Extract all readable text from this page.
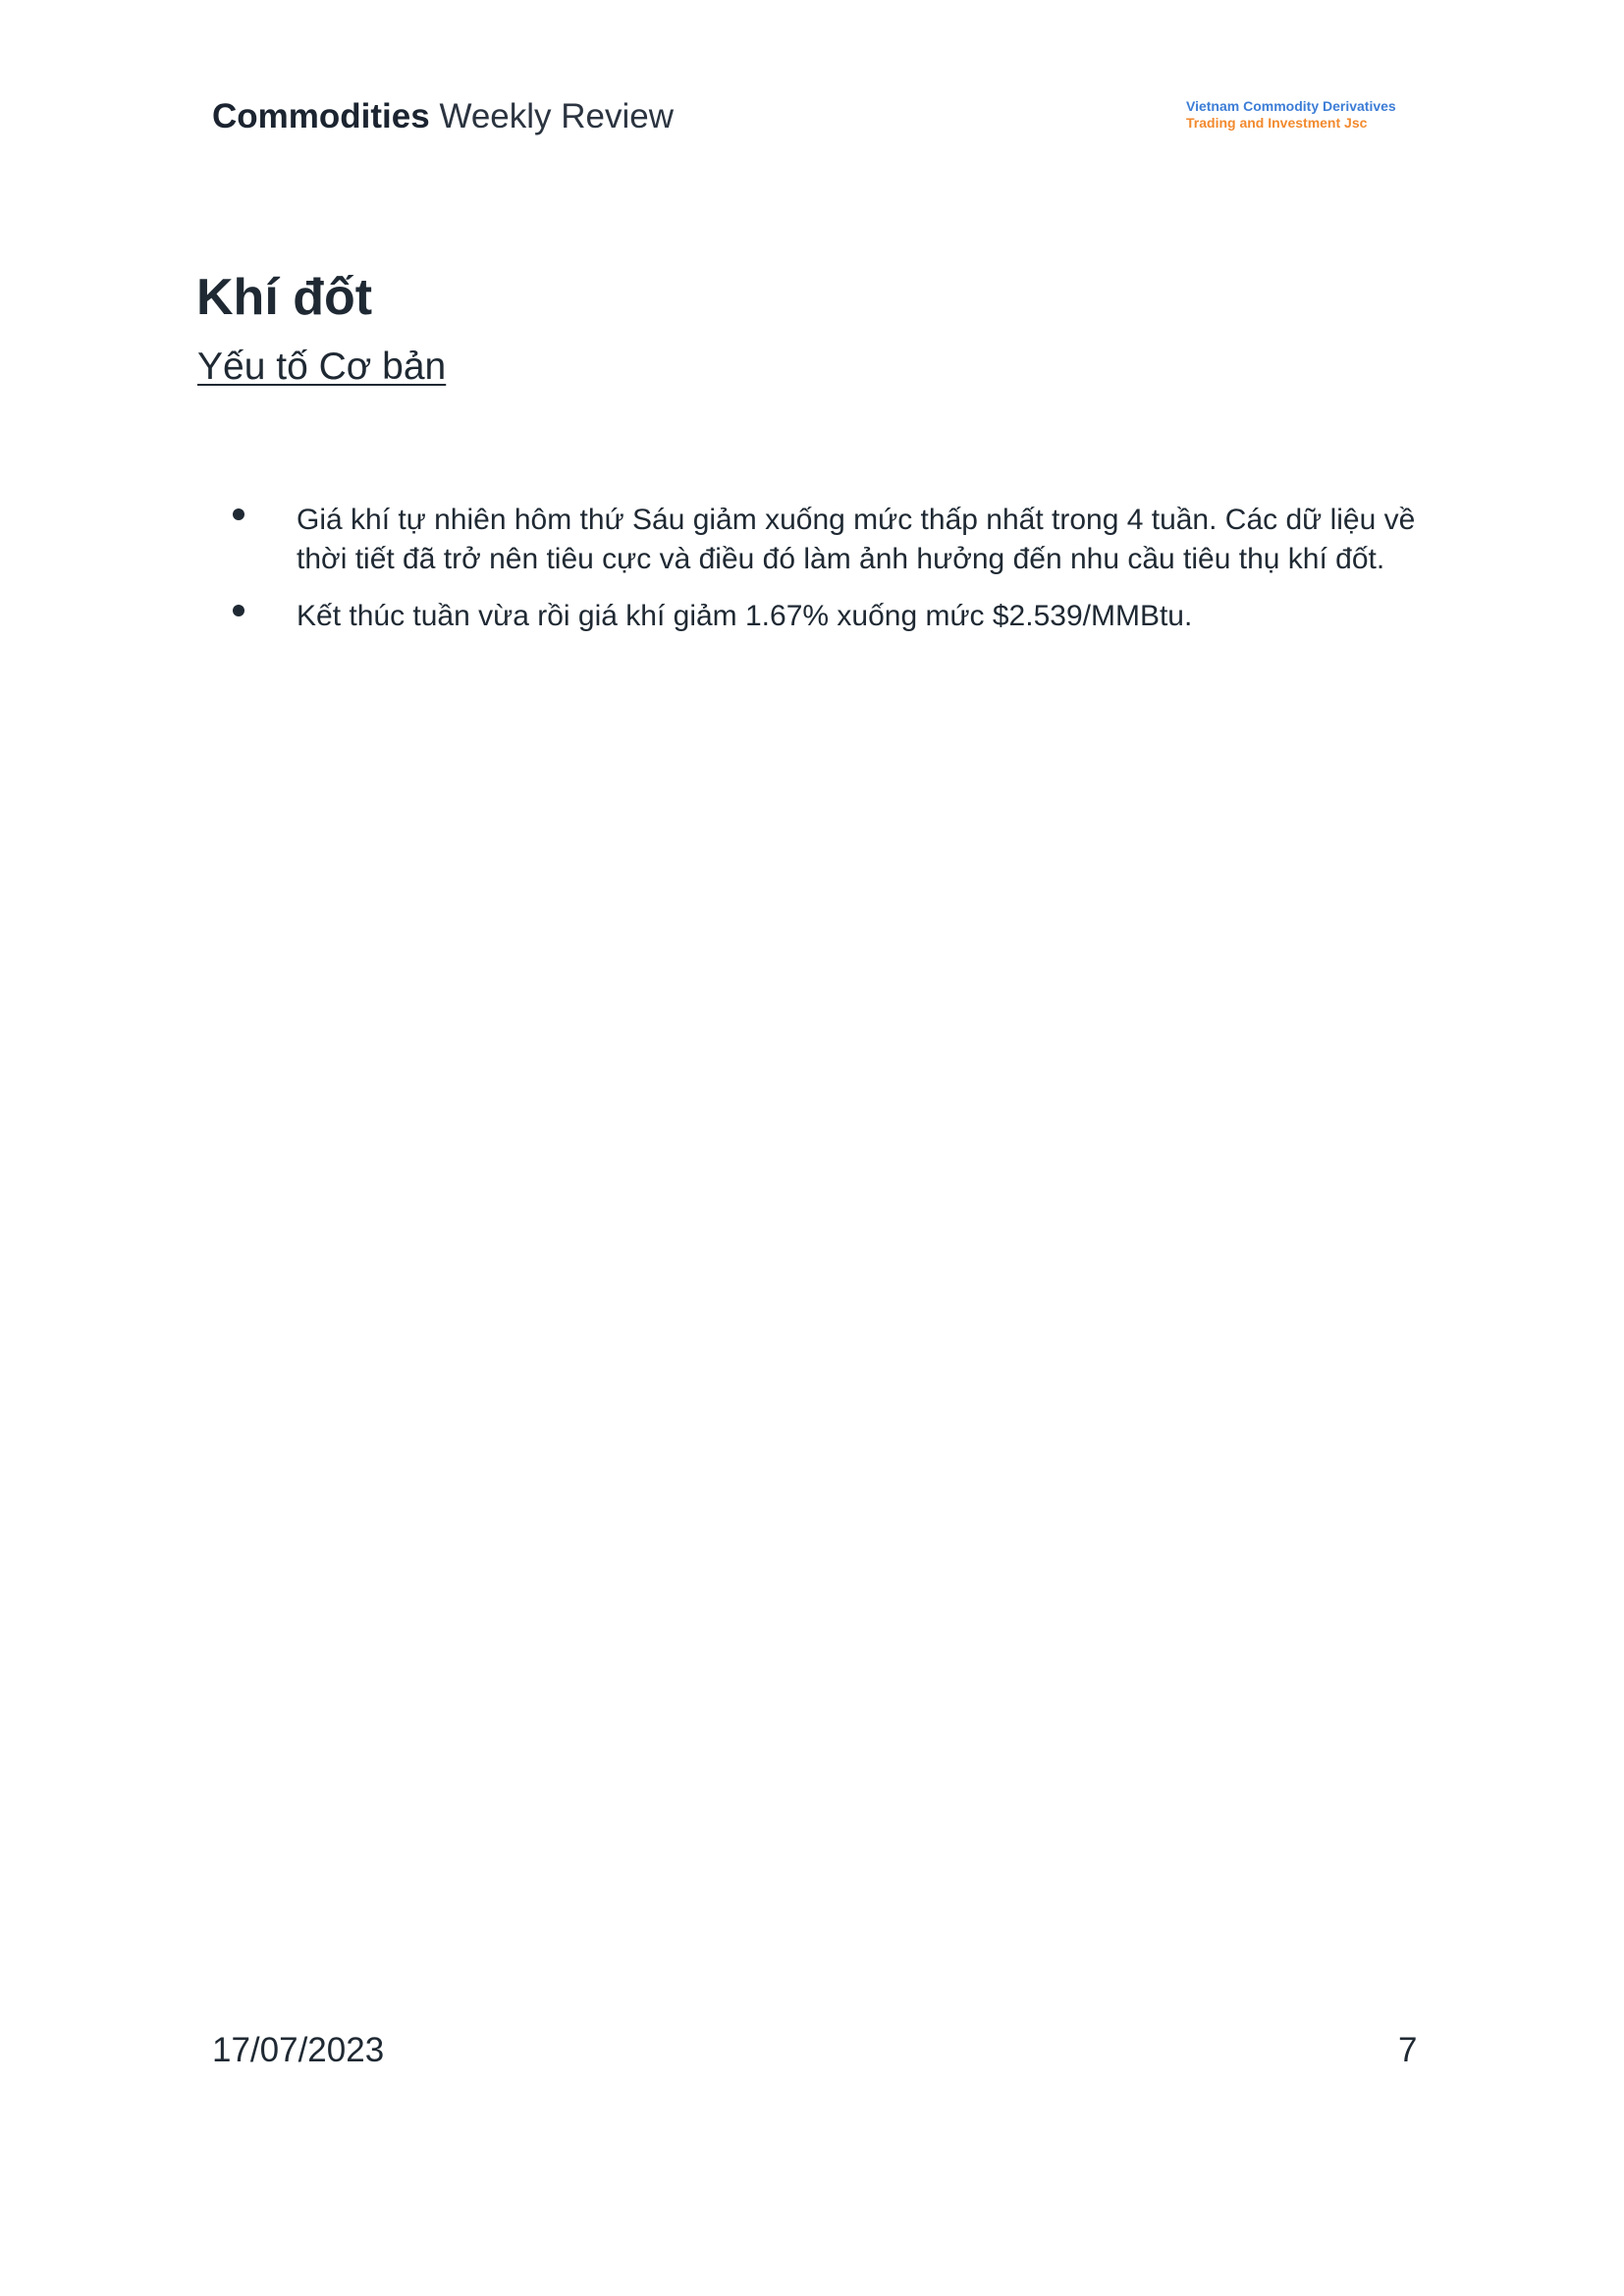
Commodities Weekly Review	Vietnam Commodity Derivatives
Trading and Investment Jsc
Khí đốt
Yếu tố Cơ bản
Giá khí tự nhiên hôm thứ Sáu giảm xuống mức thấp nhất trong 4 tuần. Các dữ liệu về thời tiết đã trở nên tiêu cực và điều đó làm ảnh hưởng đến nhu cầu tiêu thụ khí đốt.
Kết thúc tuần vừa rồi giá khí giảm 1.67% xuống mức $2.539/MMBtu.
17/07/2023	7
